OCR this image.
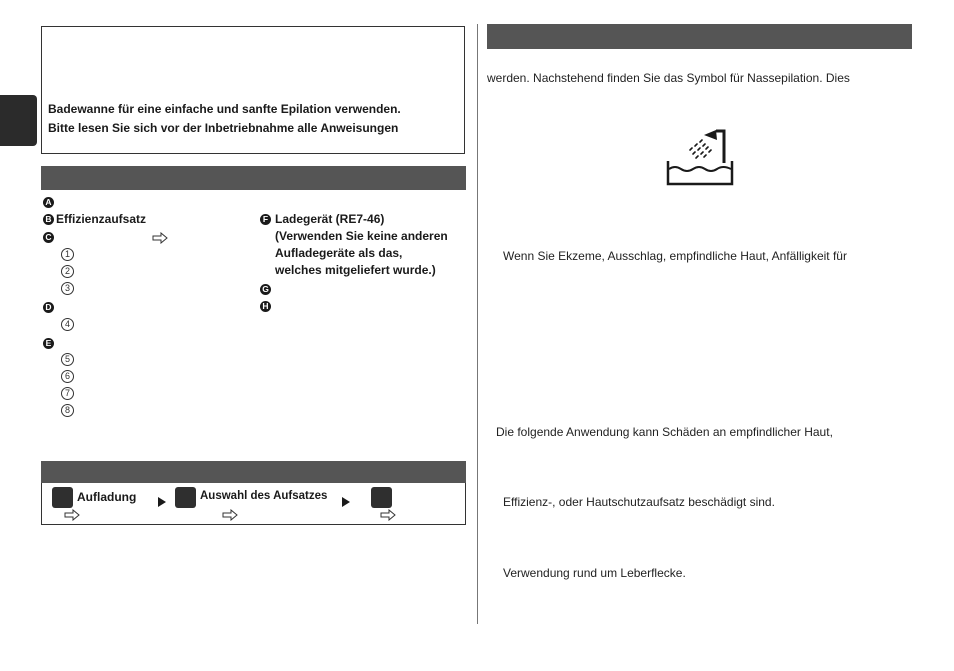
Badewanne für eine einfache und sanfte Epilation verwenden.
Bitte lesen Sie sich vor der Inbetriebnahme alle Anweisungen
A
B Effizienzaufsatz
C
1
2
3
D
4
E
5
6
7
8
F Ladegerät (RE7-46)
(Verwenden Sie keine anderen
Aufladegeräte als das,
welches mitgeliefert wurde.)
G
H
Aufladung	Auswahl des Aufsatzes
werden. Nachstehend finden Sie das Symbol für Nassepilation. Dies
Wenn Sie Ekzeme, Ausschlag, empfindliche Haut, Anfälligkeit für
Die folgende Anwendung kann Schäden an empfindlicher Haut,
Effizienz-, oder Hautschutzaufsatz beschädigt sind.
Verwendung rund um Leberflecke.
